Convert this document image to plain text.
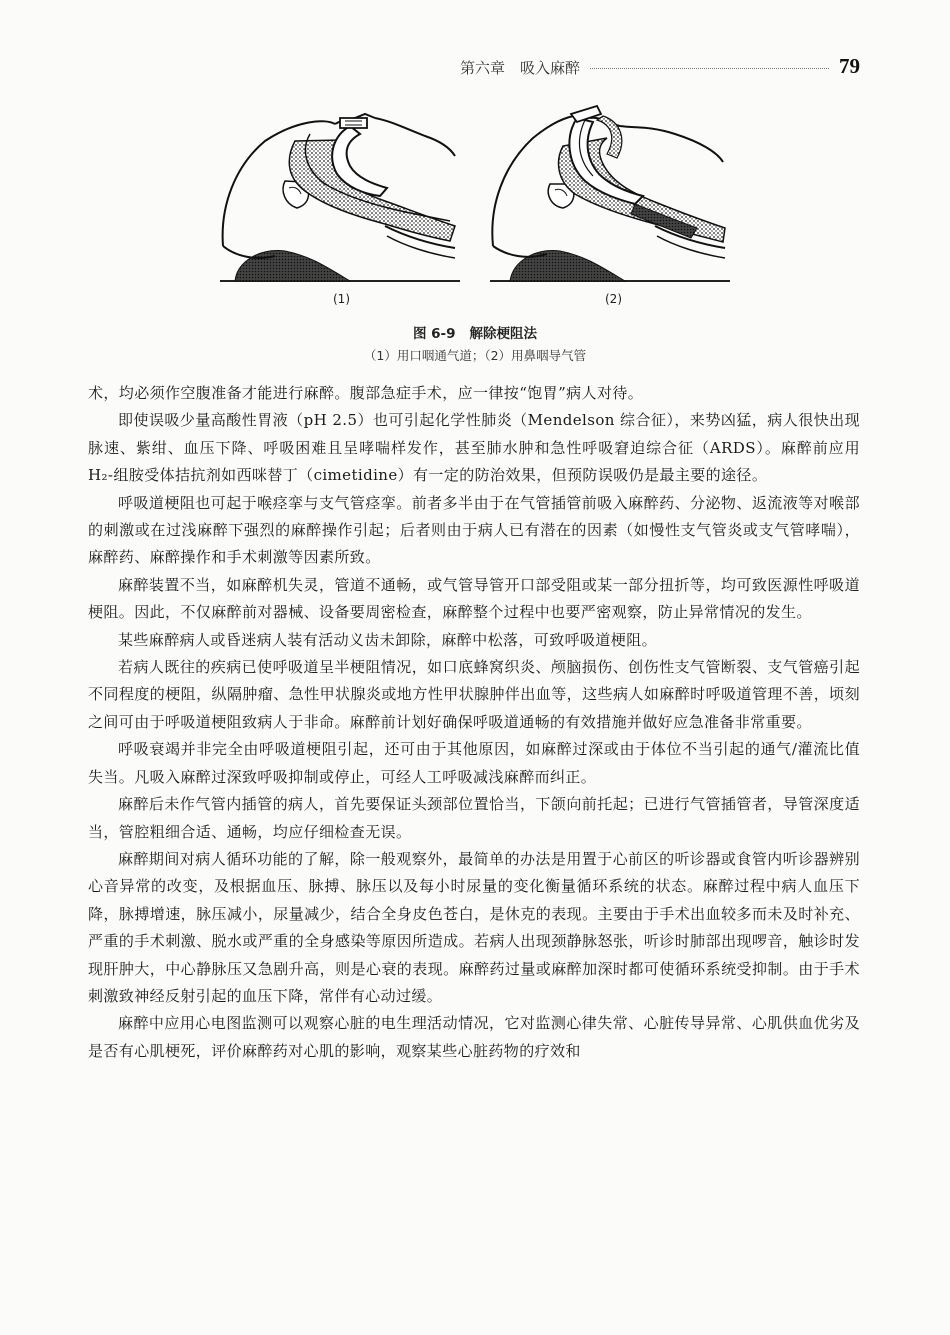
第六章　吸入麻醉	79
(1)	(2)
图 6-9 解除梗阻法
（1）用口咽通气道；（2）用鼻咽导气管

术，均必须作空腹准备才能进行麻醉。腹部急症手术，应一律按“饱胃”病人对待。

即使误吸少量高酸性胃液（pH 2.5）也可引起化学性肺炎（Mendelson 综合征），来势凶猛，病人很快出现脉速、紫绀、血压下降、呼吸困难且呈哮喘样发作，甚至肺水肿和急性呼吸窘迫综合征（ARDS）。麻醉前应用 H₂-组胺受体拮抗剂如西咪替丁（cimetidine）有一定的防治效果，但预防误吸仍是最主要的途径。

呼吸道梗阻也可起于喉痉挛与支气管痉挛。前者多半由于在气管插管前吸入麻醉药、分泌物、返流液等对喉部的刺激或在过浅麻醉下强烈的麻醉操作引起；后者则由于病人已有潜在的因素（如慢性支气管炎或支气管哮喘），麻醉药、麻醉操作和手术刺激等因素所致。

麻醉装置不当，如麻醉机失灵，管道不通畅，或气管导管开口部受阻或某一部分扭折等，均可致医源性呼吸道梗阻。因此，不仅麻醉前对器械、设备要周密检查，麻醉整个过程中也要严密观察，防止异常情况的发生。

某些麻醉病人或昏迷病人装有活动义齿未卸除，麻醉中松落，可致呼吸道梗阻。

若病人既往的疾病已使呼吸道呈半梗阻情况，如口底蜂窝织炎、颅脑损伤、创伤性支气管断裂、支气管癌引起不同程度的梗阻，纵隔肿瘤、急性甲状腺炎或地方性甲状腺肿伴出血等，这些病人如麻醉时呼吸道管理不善，顷刻之间可由于呼吸道梗阻致病人于非命。麻醉前计划好确保呼吸道通畅的有效措施并做好应急准备非常重要。

呼吸衰竭并非完全由呼吸道梗阻引起，还可由于其他原因，如麻醉过深或由于体位不当引起的通气/灌流比值失当。凡吸入麻醉过深致呼吸抑制或停止，可经人工呼吸减浅麻醉而纠正。

麻醉后未作气管内插管的病人，首先要保证头颈部位置恰当，下颌向前托起；已进行气管插管者，导管深度适当，管腔粗细合适、通畅，均应仔细检查无误。

麻醉期间对病人循环功能的了解，除一般观察外，最简单的办法是用置于心前区的听诊器或食管内听诊器辨别心音异常的改变，及根据血压、脉搏、脉压以及每小时尿量的变化衡量循环系统的状态。麻醉过程中病人血压下降，脉搏增速，脉压减小，尿量减少，结合全身皮色苍白，是休克的表现。主要由于手术出血较多而未及时补充、严重的手术刺激、脱水或严重的全身感染等原因所造成。若病人出现颈静脉怒张，听诊时肺部出现啰音，触诊时发现肝肿大，中心静脉压又急剧升高，则是心衰的表现。麻醉药过量或麻醉加深时都可使循环系统受抑制。由于手术刺激致神经反射引起的血压下降，常伴有心动过缓。

麻醉中应用心电图监测可以观察心脏的电生理活动情况，它对监测心律失常、心脏传导异常、心肌供血优劣及是否有心肌梗死，评价麻醉药对心肌的影响，观察某些心脏药物的疗效和
